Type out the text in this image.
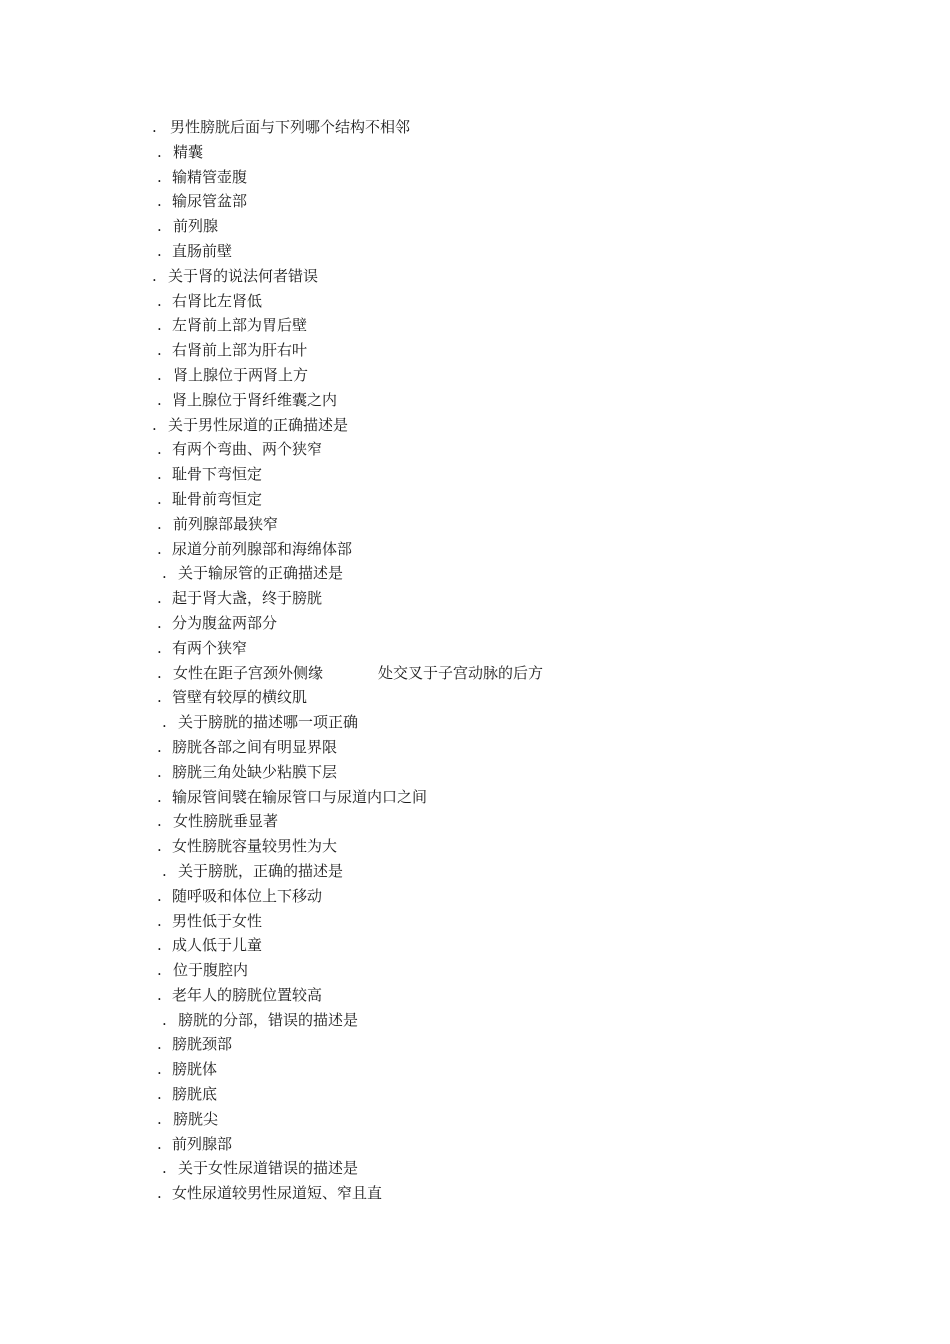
. 男性膀胱后面与下列哪个结构不相邻
. 精囊
. 输精管壶腹
. 输尿管盆部
. 前列腺
. 直肠前壁
. 关于肾的说法何者错误
. 右肾比左肾低
. 左肾前上部为胃后壁
. 右肾前上部为肝右叶
. 肾上腺位于两肾上方
. 肾上腺位于肾纤维囊之内
. 关于男性尿道的正确描述是
. 有两个弯曲、两个狭窄
. 耻骨下弯恒定
. 耻骨前弯恒定
. 前列腺部最狭窄
. 尿道分前列腺部和海绵体部
. 关于输尿管的正确描述是
. 起于肾大盏，终于膀胱
. 分为腹盆两部分
. 有两个狭窄
. 女性在距子宫颈外侧缘	处交叉于子宫动脉的后方
. 管壁有较厚的横纹肌
. 关于膀胱的描述哪一项正确
. 膀胱各部之间有明显界限
. 膀胱三角处缺少粘膜下层
. 输尿管间襞在输尿管口与尿道内口之间
. 女性膀胱垂显著
. 女性膀胱容量较男性为大
. 关于膀胱，正确的描述是
. 随呼吸和体位上下移动
. 男性低于女性
. 成人低于儿童
. 位于腹腔内
. 老年人的膀胱位置较高
. 膀胱的分部，错误的描述是
. 膀胱颈部
. 膀胱体
. 膀胱底
. 膀胱尖
. 前列腺部
. 关于女性尿道错误的描述是
. 女性尿道较男性尿道短、窄且直
